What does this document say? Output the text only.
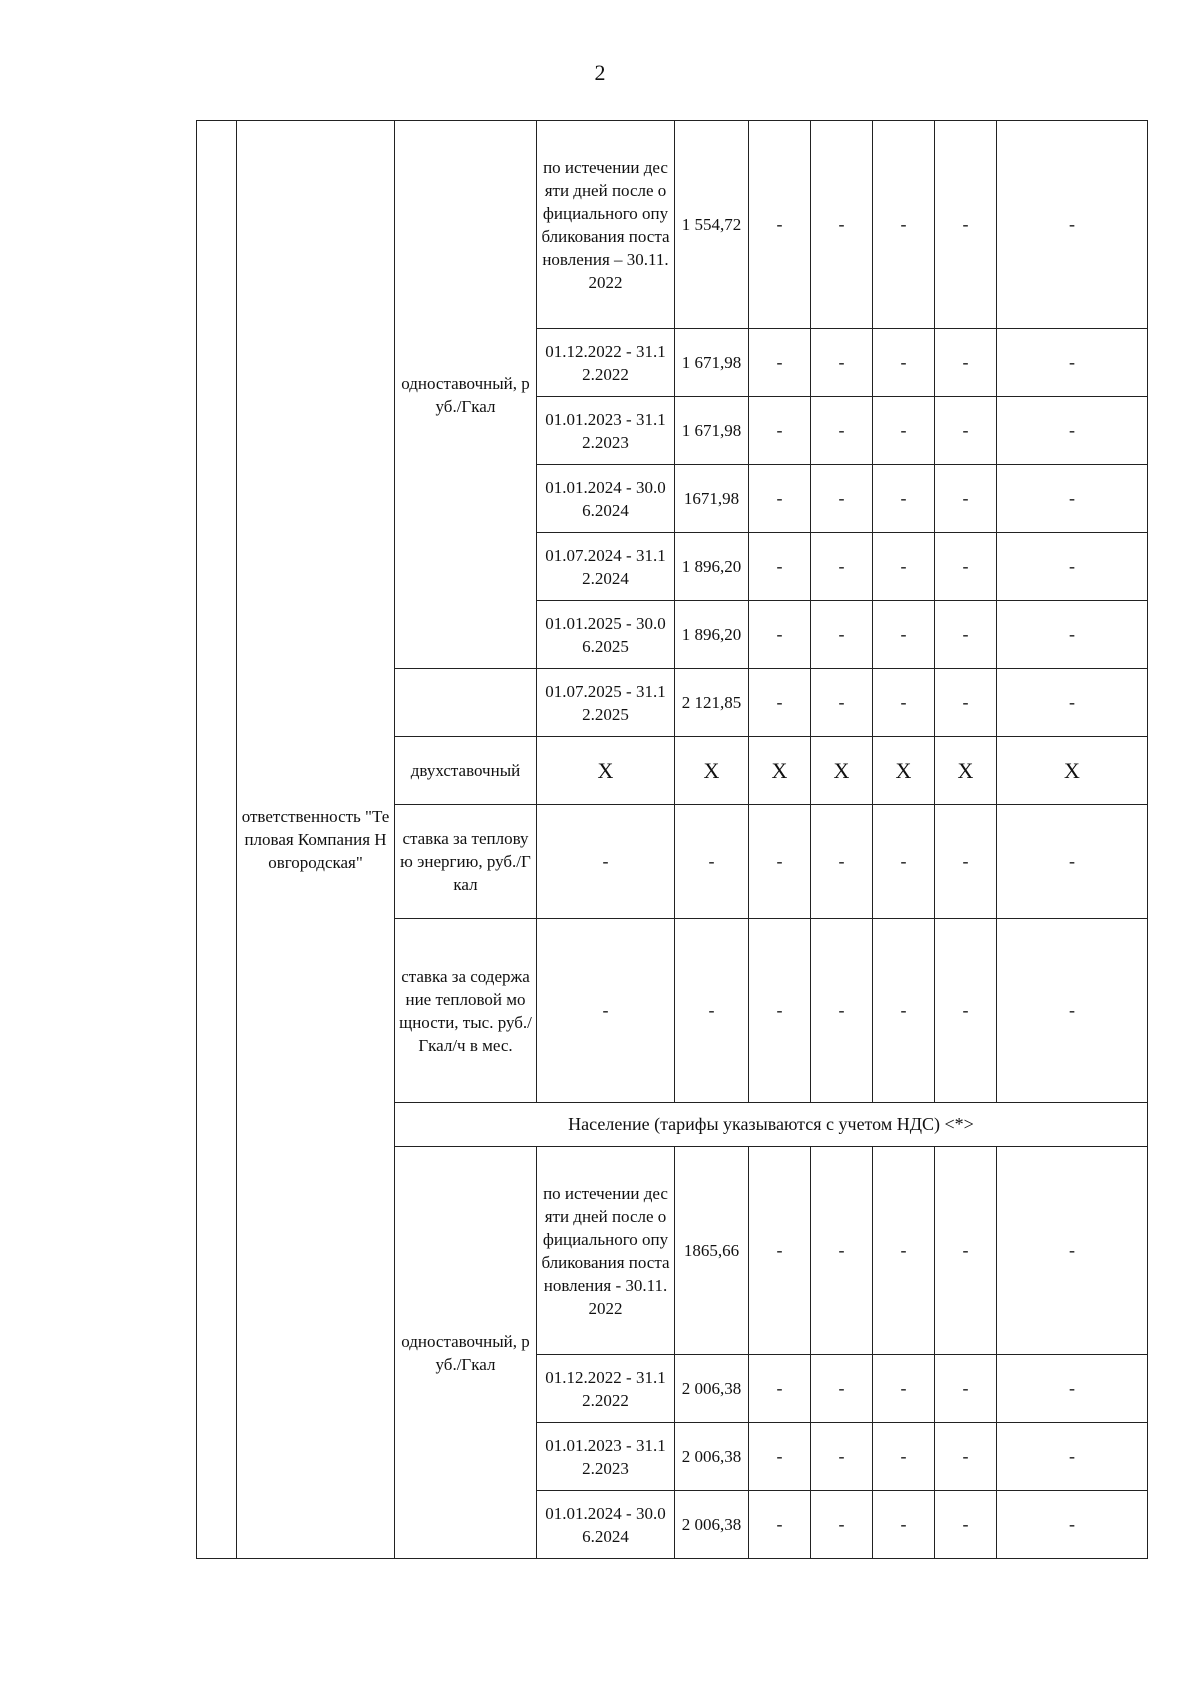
2
	ответственность "Тепловая Компания Новгородская"	одноставочный, руб./Гкал	по истечении десяти дней после официального опубликования постановления – 30.11.2022	1 554,72	-	-	-	-	-
			01.12.2022 - 31.12.2022	1 671,98	-	-	-	-	-
			01.01.2023 - 31.12.2023	1 671,98	-	-	-	-	-
			01.01.2024 - 30.06.2024	1671,98	-	-	-	-	-
			01.07.2024 - 31.12.2024	1 896,20	-	-	-	-	-
			01.01.2025 - 30.06.2025	1 896,20	-	-	-	-	-
			01.07.2025 - 31.12.2025	2 121,85	-	-	-	-	-
		двухставочный	Х	Х	Х	Х	Х	Х	Х
		ставка за тепловую энергию, руб./Гкал	-	-	-	-	-	-	-
		ставка за содержание тепловой мощности, тыс. руб./Гкал/ч в мес.	-	-	-	-	-	-	-
		Население (тарифы указываются с учетом НДС) <*>							
		одноставочный, руб./Гкал	по истечении десяти дней после официального опубликования постановления - 30.11.2022	1865,66	-	-	-	-	-
			01.12.2022 - 31.12.2022	2 006,38	-	-	-	-	-
			01.01.2023 - 31.12.2023	2 006,38	-	-	-	-	-
			01.01.2024 - 30.06.2024	2 006,38	-	-	-	-	-
